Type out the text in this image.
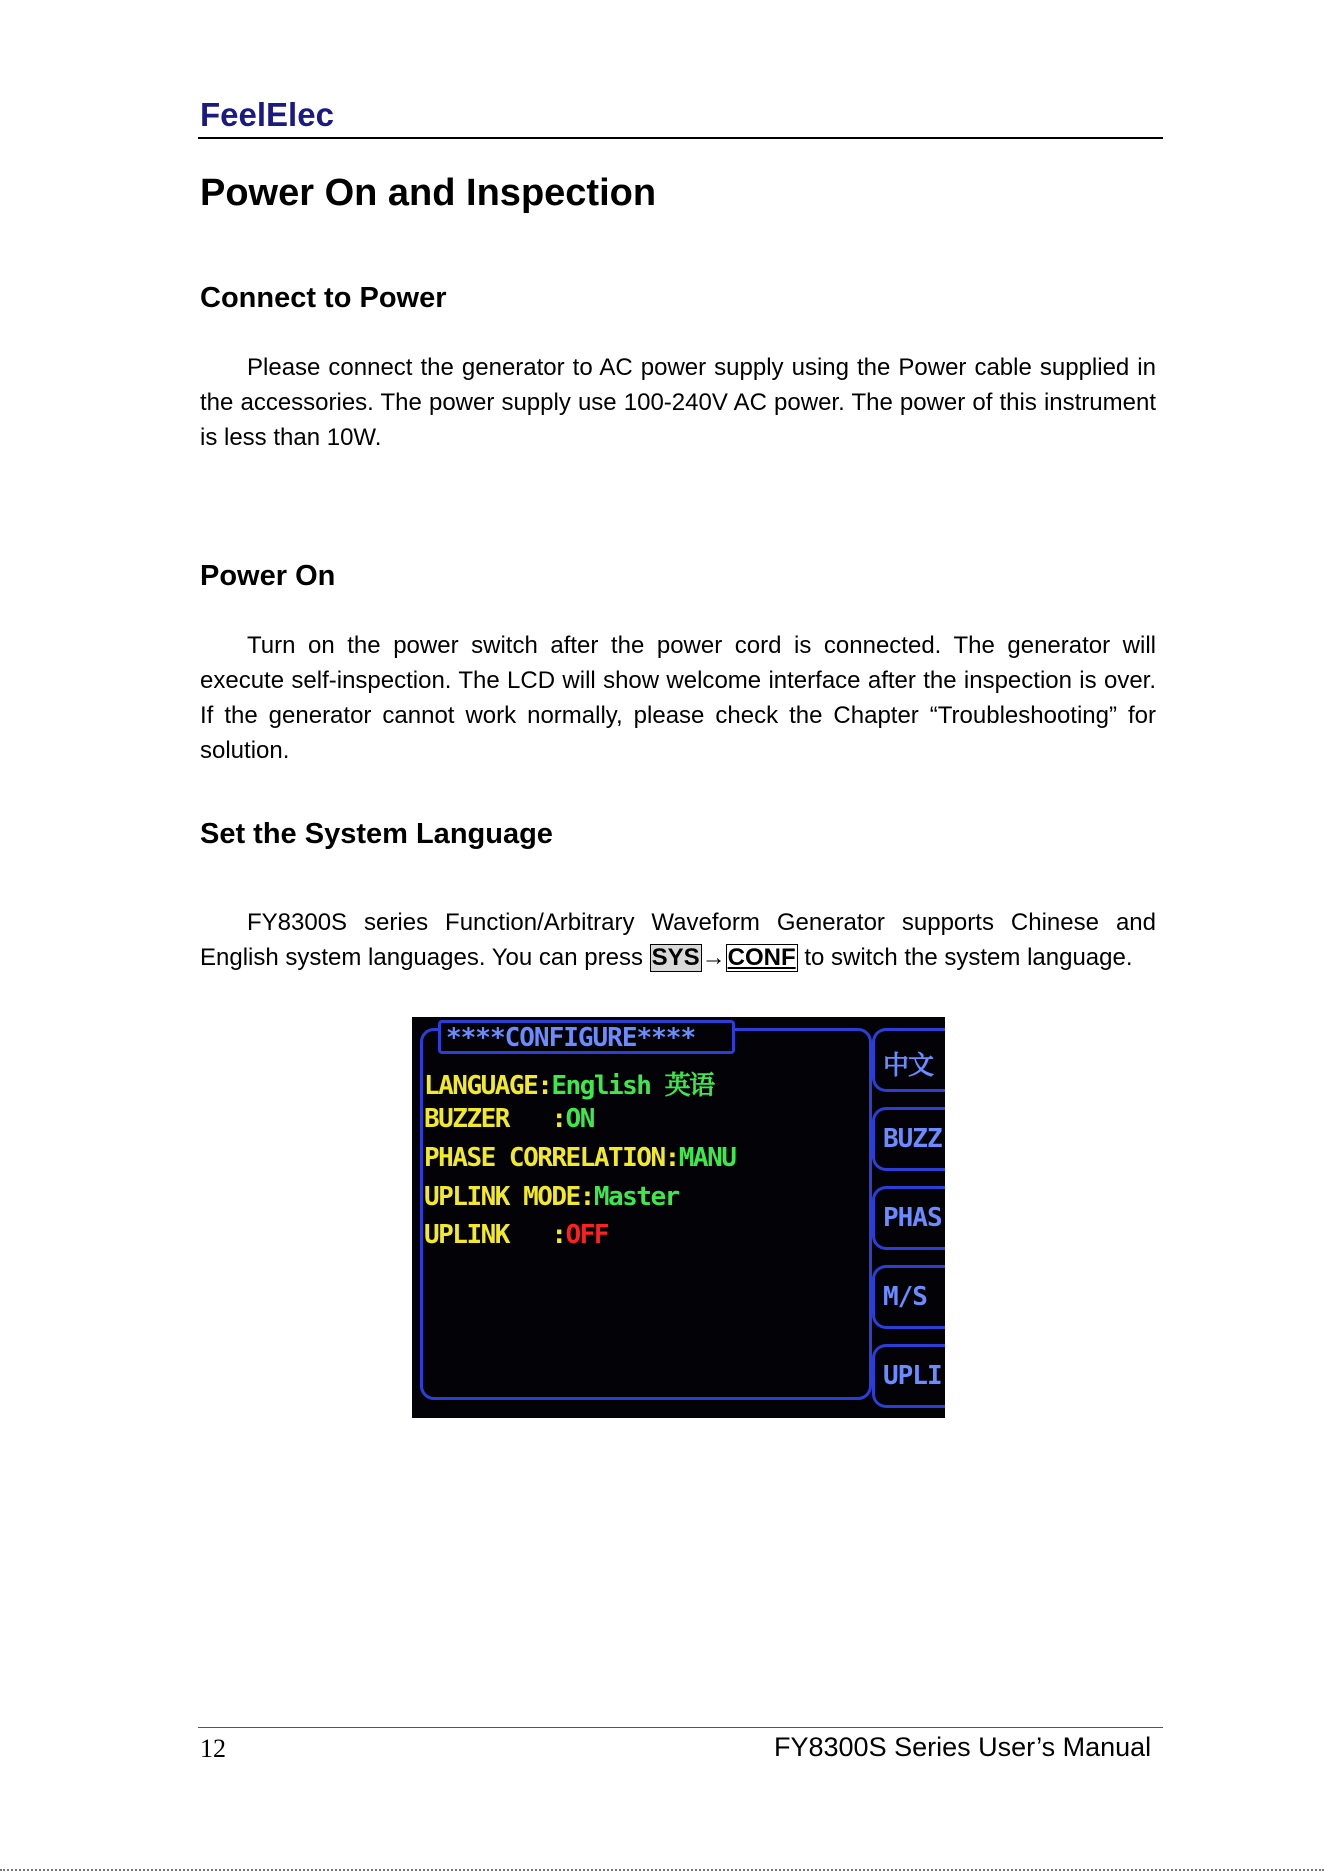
FeelElec
Power On and Inspection
Connect to Power

Please connect the generator to AC power supply using the Power cable supplied in the accessories. The power supply use 100-240V AC power. The power of this instrument is less than 10W.

Power On

Turn on the power switch after the power cord is connected. The generator will execute self-inspection. The LCD will show welcome interface after the inspection is over. If the generator cannot work normally, please check the Chapter “Troubleshooting” for solution.

Set the System Language

FY8300S series Function/Arbitrary Waveform Generator supports Chinese and English system languages. You can press SYS→CONF to switch the system language.

****CONFIGURE****
LANGUAGE:English 英语
BUZZER   :ON
PHASE CORRELATION:MANU
UPLINK MODE:Master
UPLINK   :OFF
中文
BUZZ
PHAS
M/S
UPLI
12	FY8300S Series User’s Manual
